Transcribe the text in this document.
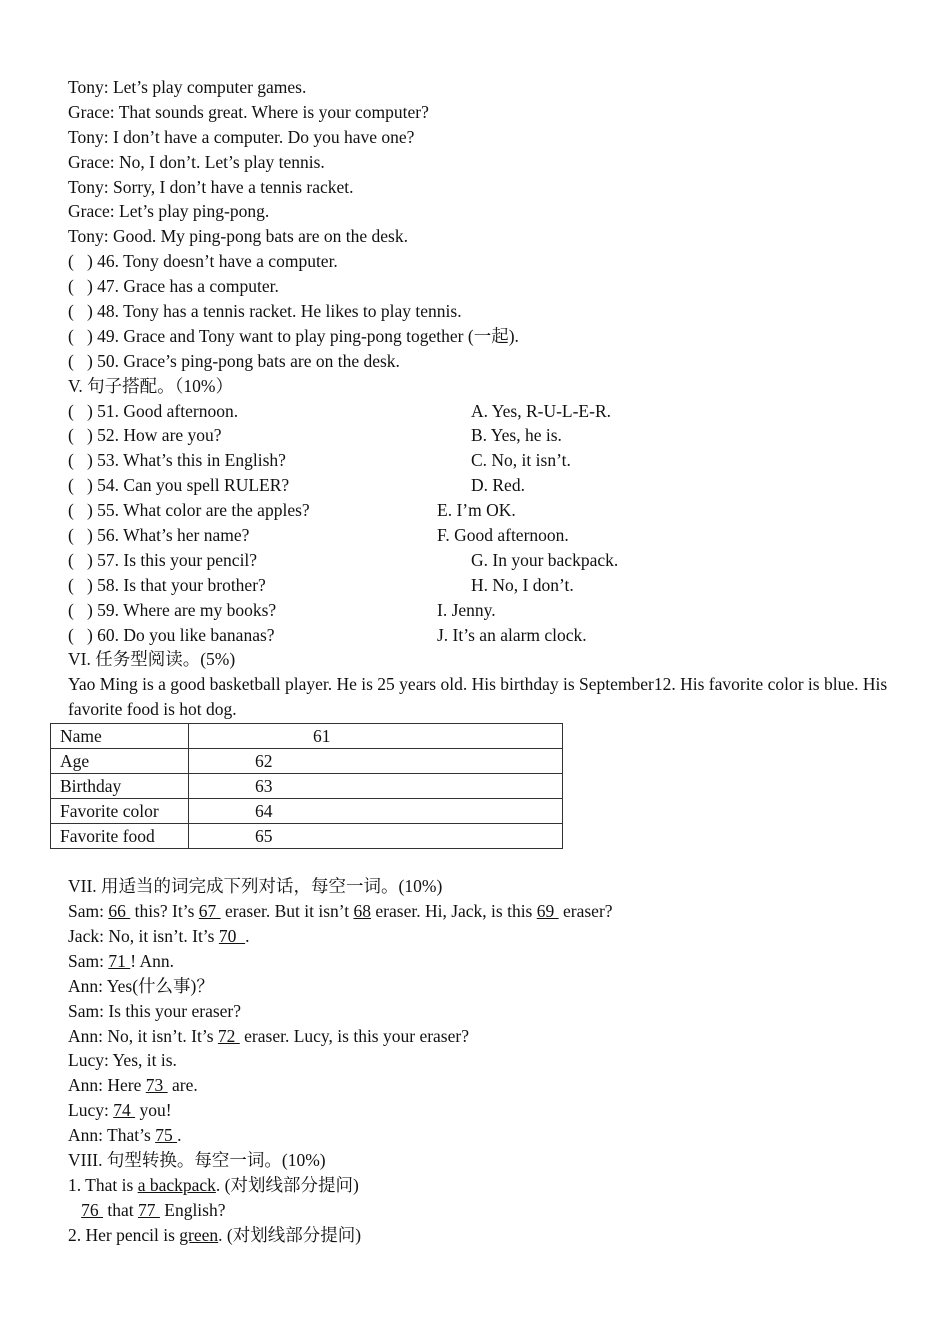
Tony: Let’s play computer games.
Grace: That sounds great. Where is your computer?
Tony: I don’t have a computer. Do you have one?
Grace: No, I don’t. Let’s play tennis.
Tony: Sorry, I don’t have a tennis racket.
Grace: Let’s play ping-pong.
Tony: Good. My ping-pong bats are on the desk.
(   ) 46. Tony doesn’t have a computer.
(   ) 47. Grace has a computer.
(   ) 48. Tony has a tennis racket. He likes to play tennis.
(   ) 49. Grace and Tony want to play ping-pong together (一起).
(   ) 50. Grace’s ping-pong bats are on the desk.
V. 句子搭配。（10%）
(   ) 51. Good afternoon.	A. Yes, R-U-L-E-R.
(   ) 52. How are you?	B. Yes, he is.
(   ) 53. What’s this in English?	C. No, it isn’t.
(   ) 54. Can you spell RULER?	D. Red.
(   ) 55. What color are the apples?	E. I’m OK.
(   ) 56. What’s her name?	F. Good afternoon.
(   ) 57. Is this your pencil?	G. In your backpack.
(   ) 58. Is that your brother?	H. No, I don’t.
(   ) 59. Where are my books?	I. Jenny.
(   ) 60. Do you like bananas?	J. It’s an alarm clock.
VI. 任务型阅读。(5%)
Yao Ming is a good basketball player. He is 25 years old. His birthday is September12. His favorite color is blue. His favorite food is hot dog.
Name	61
Age	62
Birthday	63
Favorite color	64
Favorite food	65
VII. 用适当的词完成下列对话，每空一词。(10%)
Sam: 66  this? It’s 67  eraser. But it isn’t 68 eraser. Hi, Jack, is this 69  eraser?
Jack: No, it isn’t. It’s 70  .
Sam: 71 ! Ann.
Ann: Yes(什么事)？
Sam: Is this your eraser?
Ann: No, it isn’t. It’s 72  eraser. Lucy, is this your eraser?
Lucy: Yes, it is.
Ann: Here 73  are.
Lucy: 74  you!
Ann: That’s 75 .
VIII. 句型转换。每空一词。(10%)
1. That is a backpack. (对划线部分提问)
76  that 77  English?
2. Her pencil is green. (对划线部分提问)
